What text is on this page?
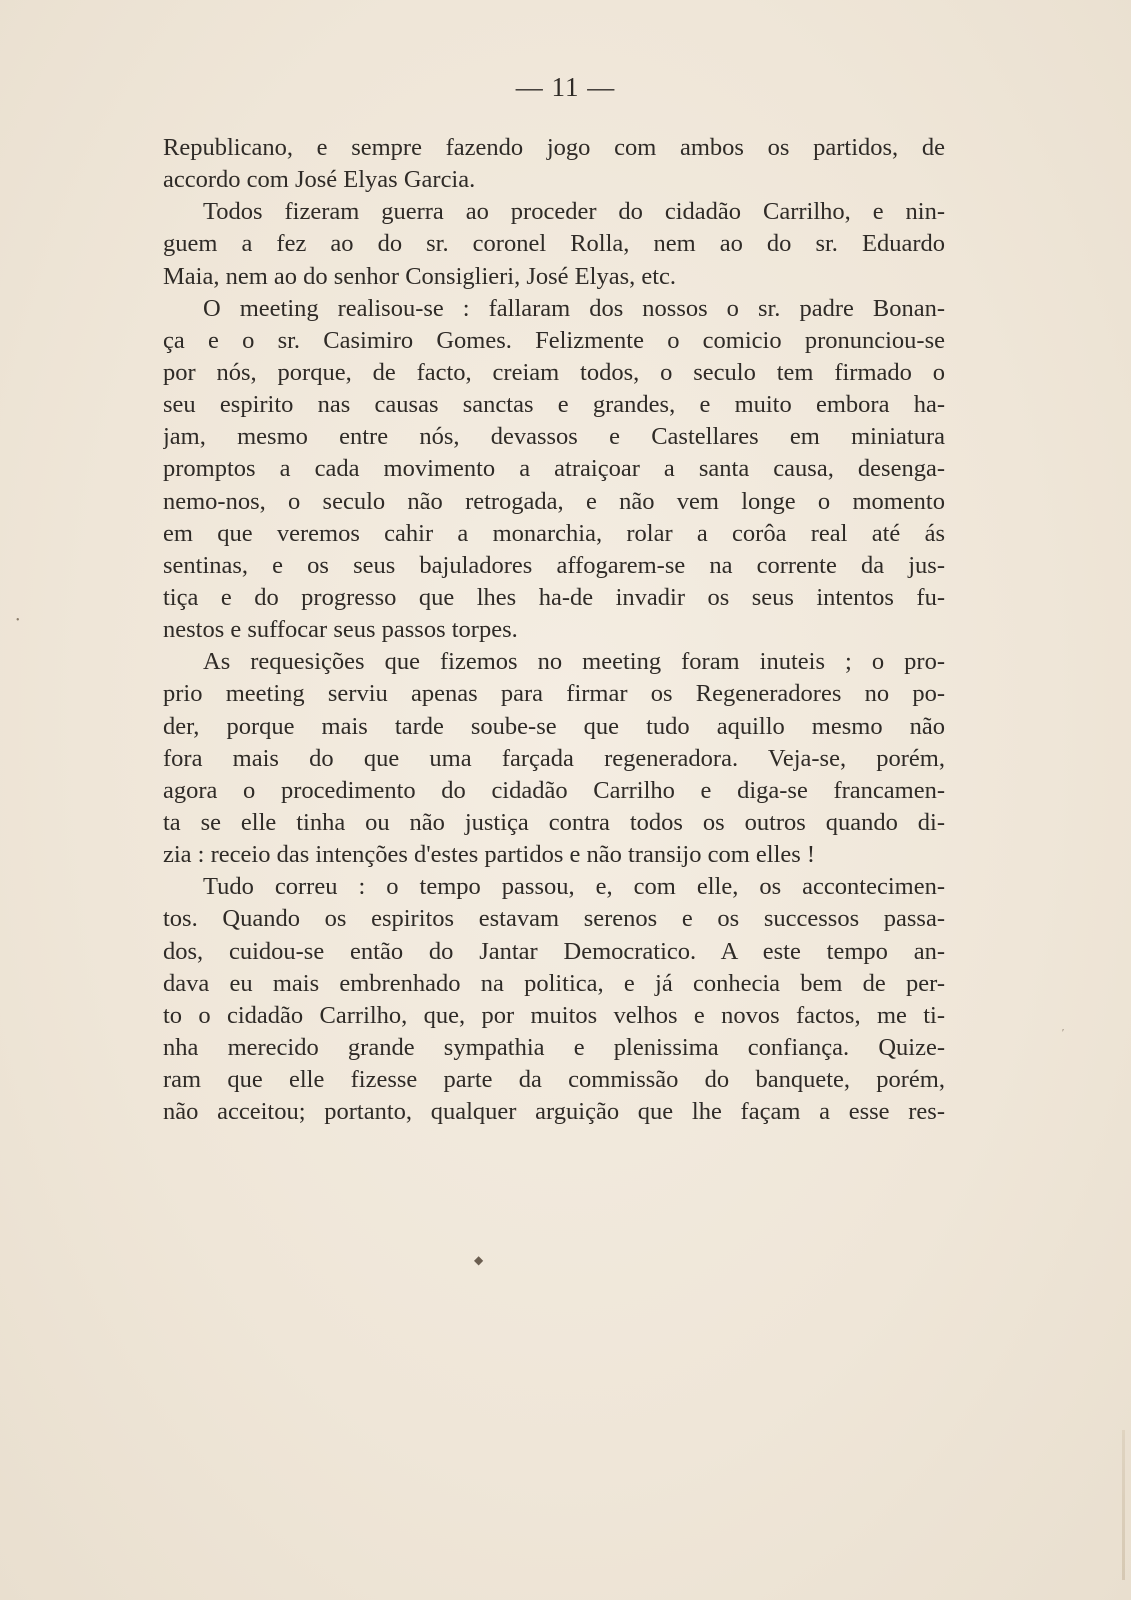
— 11 —
Republicano, e sempre fazendo jogo com ambos os partidos, de
accordo com José Elyas Garcia.
Todos fizeram guerra ao proceder do cidadão Carrilho, e nin-
guem a fez ao do sr. coronel Rolla, nem ao do sr. Eduardo
Maia, nem ao do senhor Consiglieri, José Elyas, etc.
O meeting realisou-se : fallaram dos nossos o sr. padre Bonan-
ça e o sr. Casimiro Gomes. Felizmente o comicio pronunciou-se
por nós, porque, de facto, creiam todos, o seculo tem firmado o
seu espirito nas causas sanctas e grandes, e muito embora ha-
jam, mesmo entre nós, devassos e Castellares em miniatura
promptos a cada movimento a atraiçoar a santa causa, desenga-
nemo-nos, o seculo não retrogada, e não vem longe o momento
em que veremos cahir a monarchia, rolar a corôa real até ás
sentinas, e os seus bajuladores affogarem-se na corrente da jus-
tiça e do progresso que lhes ha-de invadir os seus intentos fu-
nestos e suffocar seus passos torpes.
As requesições que fizemos no meeting foram inuteis ; o pro-
prio meeting serviu apenas para firmar os Regeneradores no po-
der, porque mais tarde soube-se que tudo aquillo mesmo não
fora mais do que uma farçada regeneradora. Veja-se, porém,
agora o procedimento do cidadão Carrilho e diga-se francamen-
ta se elle tinha ou não justiça contra todos os outros quando di-
zia : receio das intenções d'estes partidos e não transijo com elles !
Tudo correu : o tempo passou, e, com elle, os accontecimen-
tos. Quando os espiritos estavam serenos e os successos passa-
dos, cuidou-se então do Jantar Democratico. A este tempo an-
dava eu mais embrenhado na politica, e já conhecia bem de per-
to o cidadão Carrilho, que, por muitos velhos e novos factos, me ti-
nha merecido grande sympathia e plenissima confiança. Quize-
ram que elle fizesse parte da commissão do banquete, porém,
não acceitou; portanto, qualquer arguição que lhe façam a esse res-
◆
•
′
